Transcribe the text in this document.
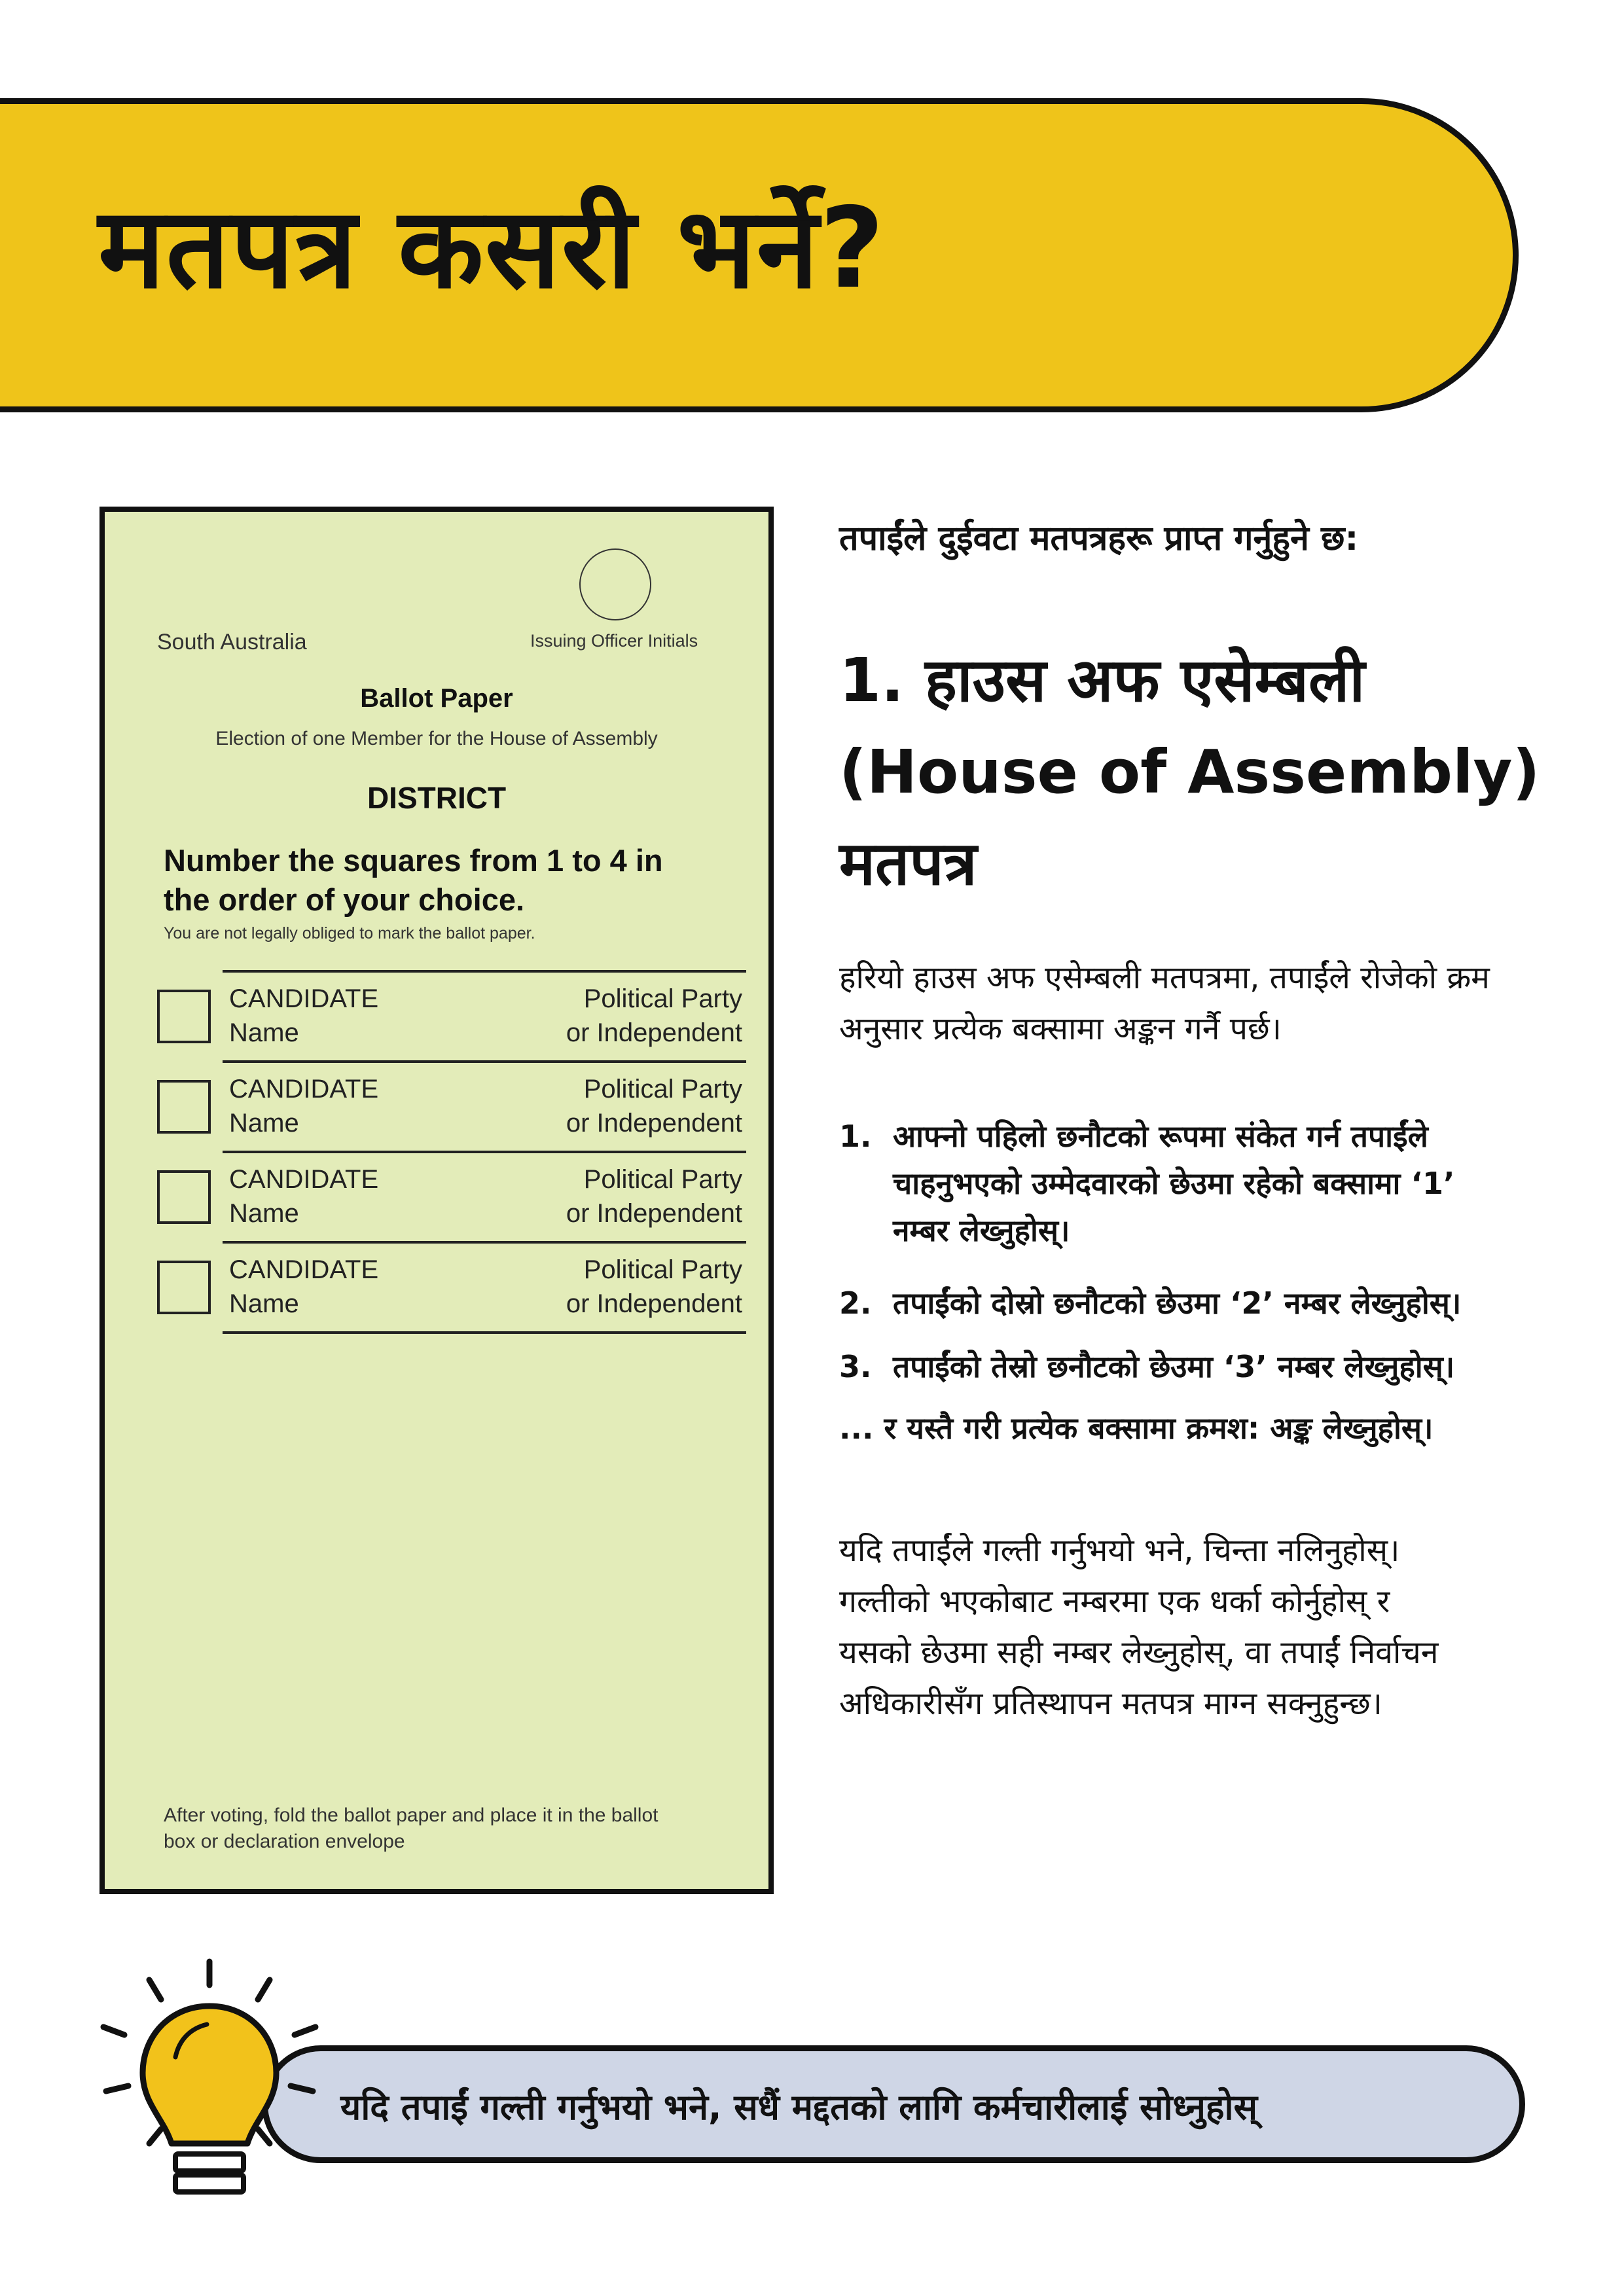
मतपत्र कसरी भर्ने?
South Australia	Issuing Officer Initials
Ballot Paper
Election of one Member for the House of Assembly
DISTRICT
Number the squares from 1 to 4 in
the order of your choice.
You are not legally obliged to mark the ballot paper.
CANDIDATE
Name
Political Party
or Independent
CANDIDATE
Name
Political Party
or Independent
CANDIDATE
Name
Political Party
or Independent
CANDIDATE
Name
Political Party
or Independent
After voting, fold the ballot paper and place it in the ballot
box or declaration envelope
तपाईंले दुईवटा मतपत्रहरू प्राप्त गर्नुहुने छ:
1. हाउस अफ एसेम्बली
(House of Assembly)
मतपत्र
हरियो हाउस अफ एसेम्बली मतपत्रमा, तपाईंले रोजेको क्रम
अनुसार प्रत्येक बक्सामा अङ्कन गर्नै पर्छ।
1. आफ्नो पहिलो छनौटको रूपमा संकेत गर्न तपाईंले
चाहनुभएको उम्मेदवारको छेउमा रहेको बक्सामा ‘1’
नम्बर लेख्नुहोस्।
2. तपाईंको दोस्रो छनौटको छेउमा ‘2’ नम्बर लेख्नुहोस्।
3. तपाईंको तेस्रो छनौटको छेउमा ‘3’ नम्बर लेख्नुहोस्।
... र यस्तै गरी प्रत्येक बक्सामा क्रमश: अङ्क लेख्नुहोस्।
यदि तपाईंले गल्ती गर्नुभयो भने, चिन्ता नलिनुहोस्।
गल्तीको भएकोबाट नम्बरमा एक धर्का कोर्नुहोस् र
यसको छेउमा सही नम्बर लेख्नुहोस्, वा तपाईं निर्वाचन
अधिकारीसँग प्रतिस्थापन मतपत्र माग्न सक्नुहुन्छ।
यदि तपाईं गल्ती गर्नुभयो भने, सधैं मद्दतको लागि कर्मचारीलाई सोध्नुहोस्
